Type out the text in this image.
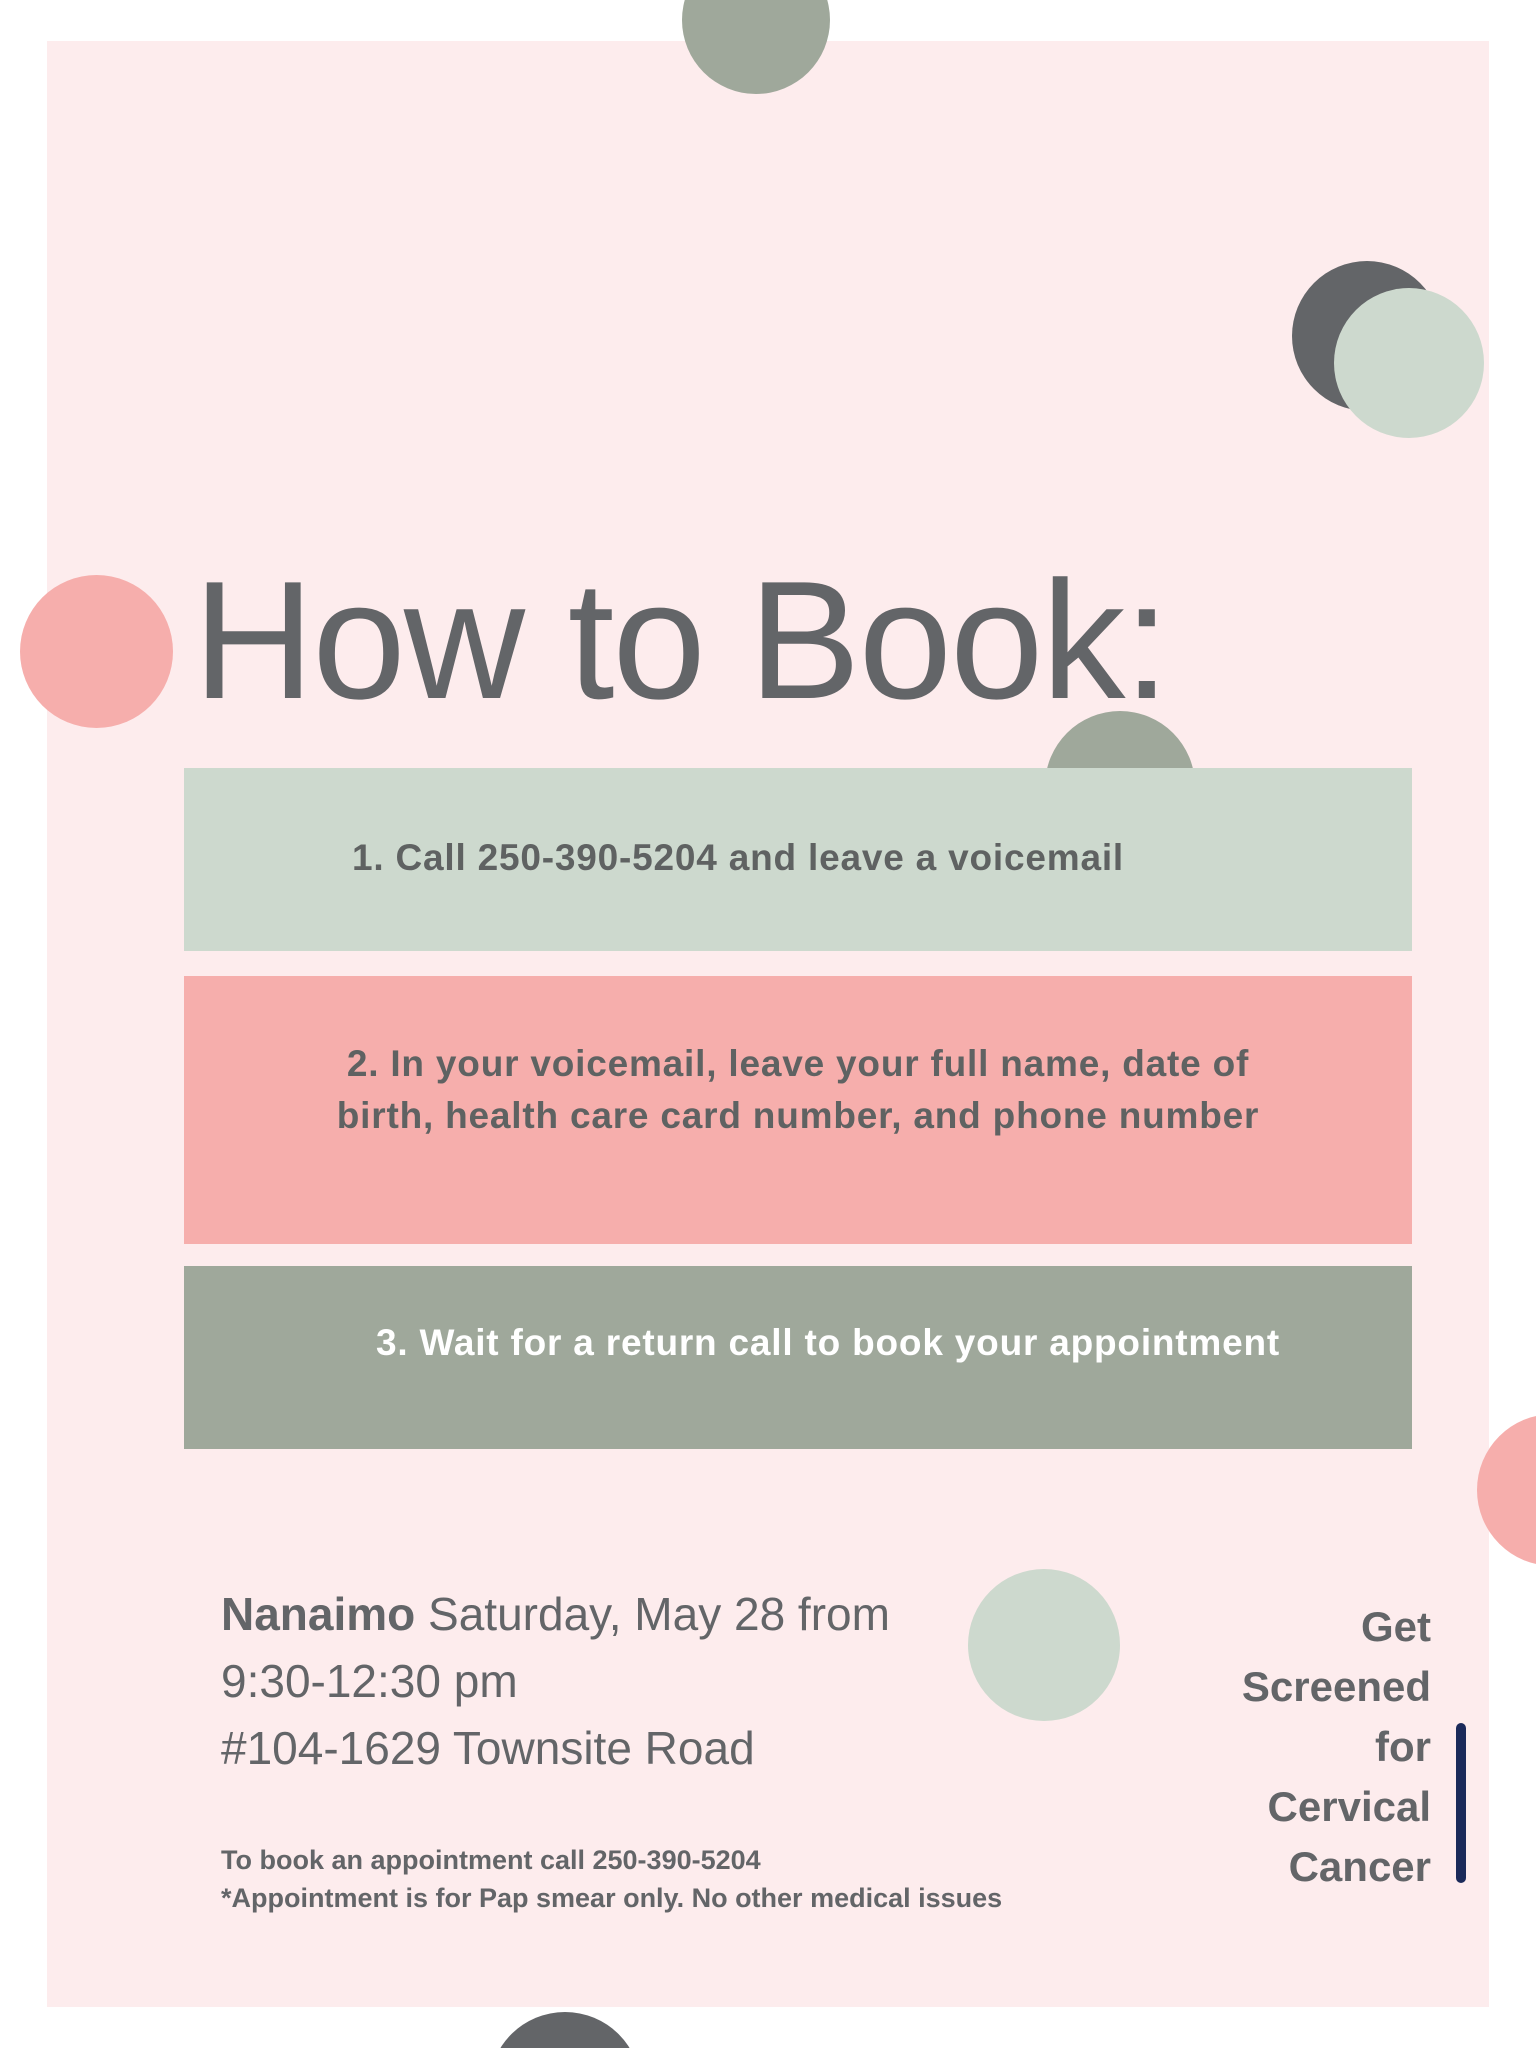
How to Book:
1. Call 250-390-5204 and leave a voicemail
2. In your voicemail, leave your full name, date of
birth, health care card number, and phone number
3. Wait for a return call to book your appointment
Nanaimo Saturday, May 28 from
9:30-12:30 pm
#104-1629 Townsite Road
To book an appointment call 250-390-5204
*Appointment is for Pap smear only. No other medical issues
Get
Screened
for
Cervical
Cancer
